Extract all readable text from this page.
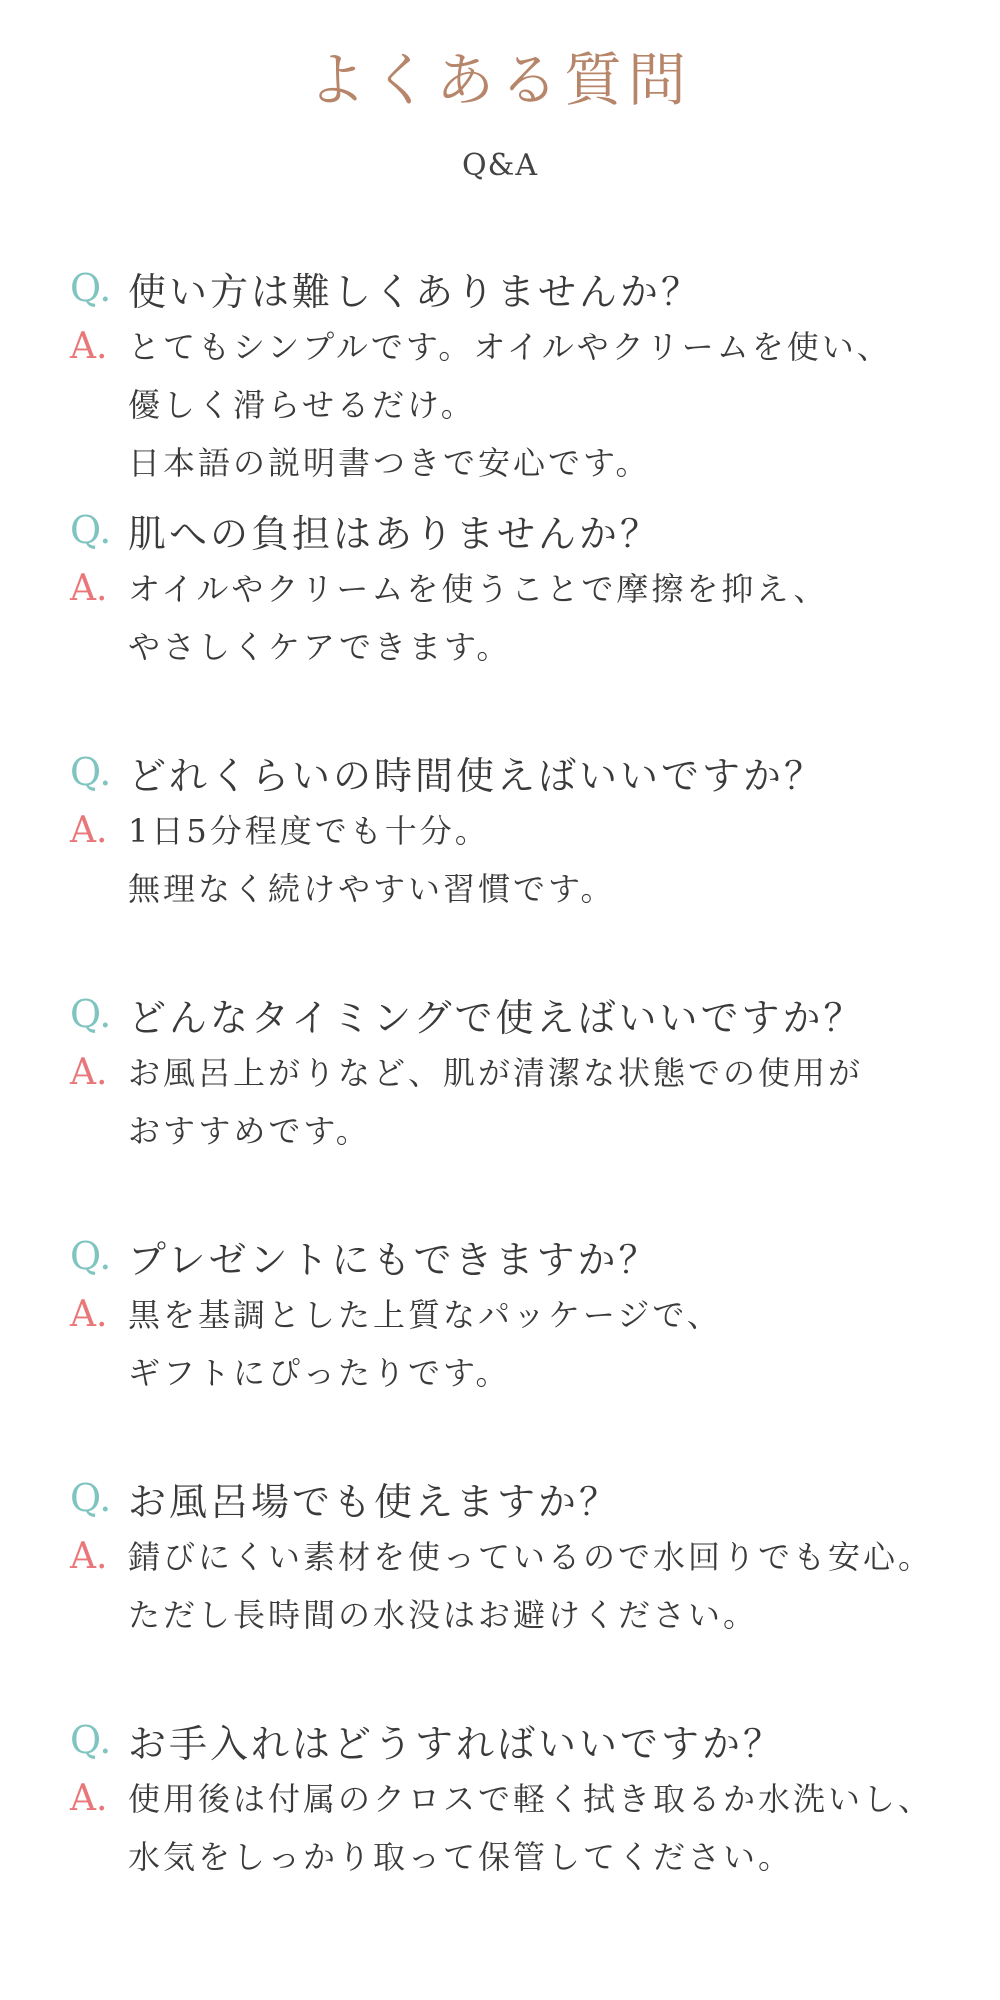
よくある質問
Q&A
Q. 使い方は難しくありませんか？
A. とてもシンプルです。オイルやクリームを使い、
優しく滑らせるだけ。
日本語の説明書つきで安心です。
Q. 肌への負担はありませんか？
A. オイルやクリームを使うことで摩擦を抑え、
やさしくケアできます。
Q. どれくらいの時間使えばいいですか？
A. 1日5分程度でも十分。
無理なく続けやすい習慣です。
Q. どんなタイミングで使えばいいですか？
A. お風呂上がりなど、肌が清潔な状態での使用が
おすすめです。
Q. プレゼントにもできますか？
A. 黒を基調とした上質なパッケージで、
ギフトにぴったりです。
Q. お風呂場でも使えますか？
A. 錆びにくい素材を使っているので水回りでも安心。
ただし長時間の水没はお避けください。
Q. お手入れはどうすればいいですか？
A. 使用後は付属のクロスで軽く拭き取るか水洗いし、
水気をしっかり取って保管してください。
